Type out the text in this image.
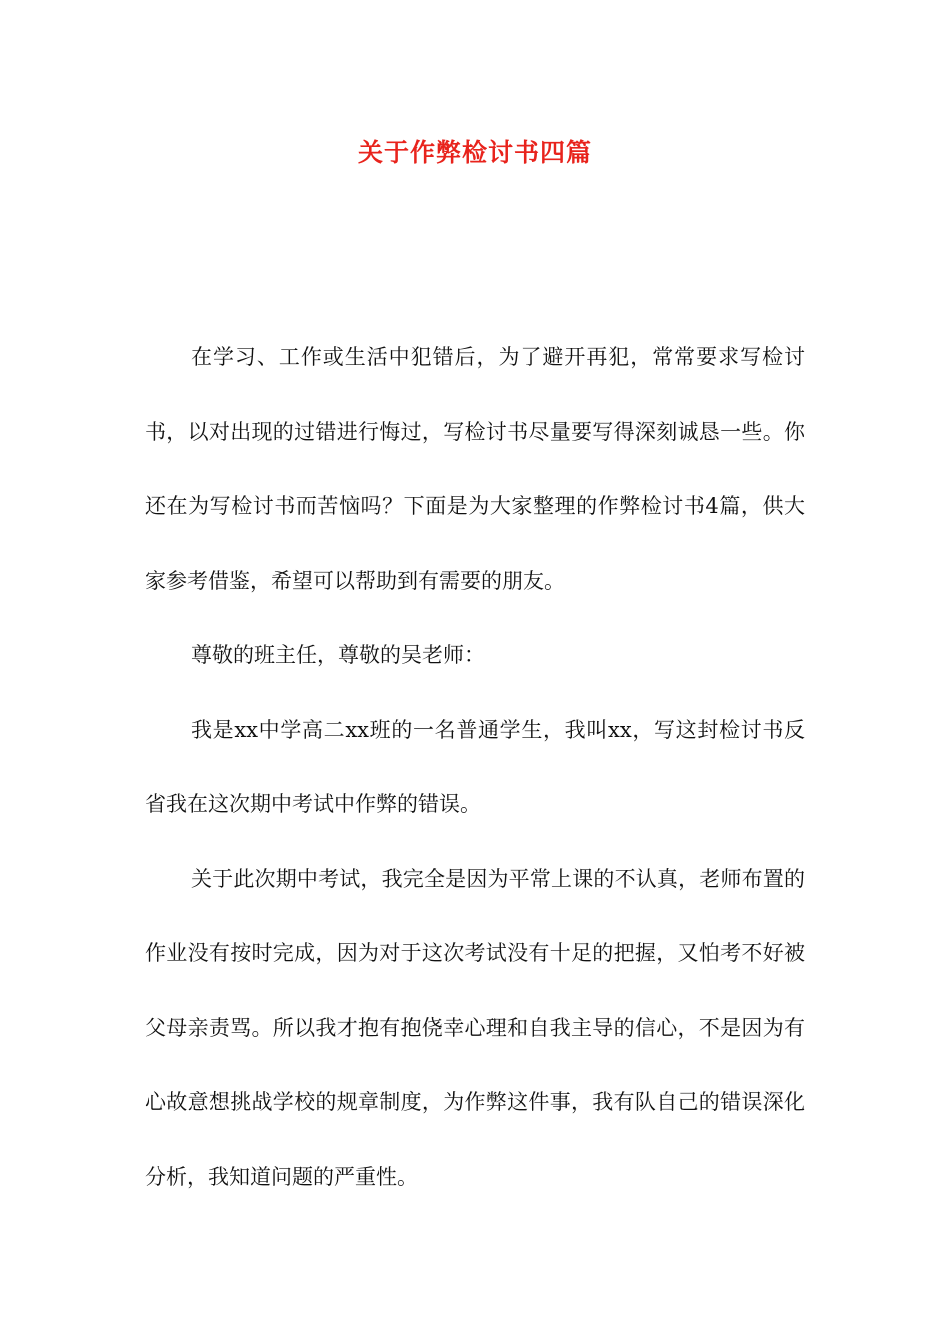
关于作弊检讨书四篇

在学习、工作或生活中犯错后，为了避开再犯，常常要求写检讨书，以对出现的过错进行悔过，写检讨书尽量要写得深刻诚恳一些。你还在为写检讨书而苦恼吗？下面是为大家整理的作弊检讨书4篇，供大家参考借鉴，希望可以帮助到有需要的朋友。

尊敬的班主任，尊敬的吴老师：

我是xx中学高二xx班的一名普通学生，我叫xx，写这封检讨书反省我在这次期中考试中作弊的错误。

关于此次期中考试，我完全是因为平常上课的不认真，老师布置的作业没有按时完成，因为对于这次考试没有十足的把握，又怕考不好被父母亲责骂。所以我才抱有抱侥幸心理和自我主导的信心，不是因为有心故意想挑战学校的规章制度，为作弊这件事，我有队自己的错误深化分析，我知道问题的严重性。
